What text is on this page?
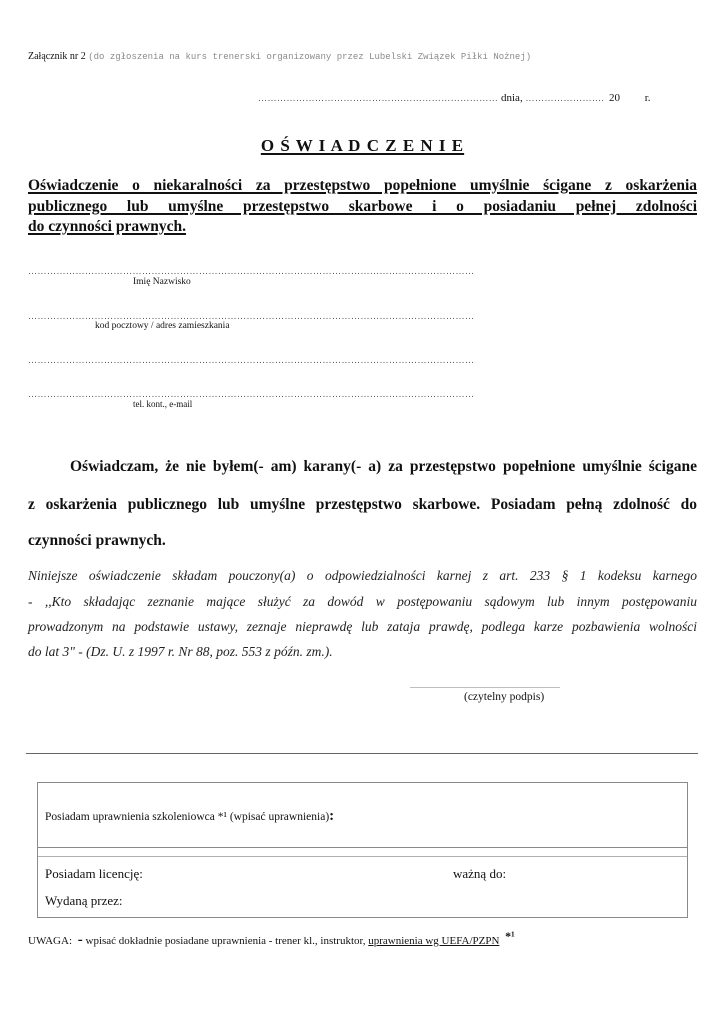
Załącznik nr 2 (do zgłoszenia na kurs trenerski organizowany przez Lubelski Związek Piłki Nożnej)
……………………………………….………………………… dnia, ……………………. 20 r.
O Ś W I A D C Z E N I E
Oświadczenie o niekaralności za przestępstwo popełnione umyślnie ścigane z oskarżenia
publicznego lub umyślne przestępstwo skarbowe i o posiadaniu pełnej zdolności
do czynności prawnych.
……………………………………………………………………………………………………………………………
Imię Nazwisko
……………………………………………………………………………………………………………………………
kod pocztowy / adres zamieszkania
……………………………………………………………………………………………………………………………
……………………………………………………………………………………………………………………………
tel. kont., e-mail
Oświadczam, że nie byłem(- am) karany(- a) za przestępstwo popełnione umyślnie ścigane
z oskarżenia publicznego lub umyślne przestępstwo skarbowe. Posiadam pełną zdolność do
czynności prawnych.
Niniejsze oświadczenie składam pouczony(a) o odpowiedzialności karnej z art. 233 § 1 kodeksu karnego
- ,,Kto składając zeznanie mające służyć za dowód w postępowaniu sądowym lub innym postępowaniu
prowadzonym na podstawie ustawy, zeznaje nieprawdę lub zataja prawdę, podlega karze pozbawienia wolności
do lat 3" - (Dz. U. z 1997 r. Nr 88, poz. 553 z późn. zm.).
...........................................................................
(czytelny podpis)
Posiadam uprawnienia szkoleniowca *¹ (wpisać uprawnienia):
Posiadam licencję:	ważną do:
Wydaną przez:
UWAGA: - wpisać dokładnie posiadane uprawnienia - trener kl., instruktor, uprawnienia wg UEFA/PZPN *¹
